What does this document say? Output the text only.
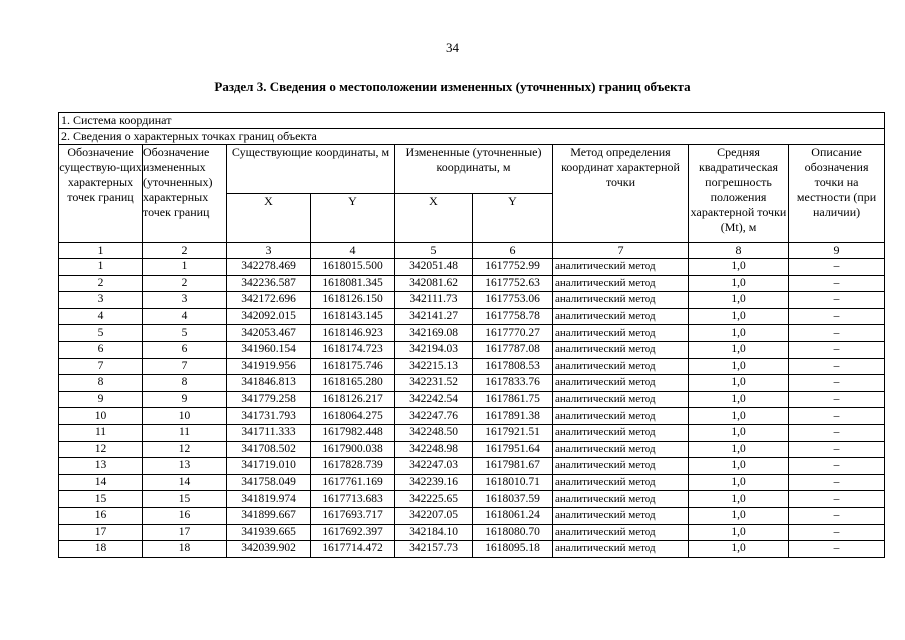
34
Раздел 3. Сведения о местоположении измененных (уточненных) границ объекта
1. Система координат								
2. Сведения о характерных точках границ объекта								
Обозначение существую-щих характерных точек границ	Обозначение измененных (уточненных) характерных точек границ	Существующие координаты, м		Измененные (уточненные) координаты, м		Метод определения координат характерной точки	Средняя квадратическая погрешность положения характерной точки (Mt), м	Описание обозначения точки на местности (при наличии)
		X	Y	X	Y			
1	2	3	4	5	6	7	8	9
1	1	342278.469	1618015.500	342051.48	1617752.99	аналитический метод	1,0	–
2	2	342236.587	1618081.345	342081.62	1617752.63	аналитический метод	1,0	–
3	3	342172.696	1618126.150	342111.73	1617753.06	аналитический метод	1,0	–
4	4	342092.015	1618143.145	342141.27	1617758.78	аналитический метод	1,0	–
5	5	342053.467	1618146.923	342169.08	1617770.27	аналитический метод	1,0	–
6	6	341960.154	1618174.723	342194.03	1617787.08	аналитический метод	1,0	–
7	7	341919.956	1618175.746	342215.13	1617808.53	аналитический метод	1,0	–
8	8	341846.813	1618165.280	342231.52	1617833.76	аналитический метод	1,0	–
9	9	341779.258	1618126.217	342242.54	1617861.75	аналитический метод	1,0	–
10	10	341731.793	1618064.275	342247.76	1617891.38	аналитический метод	1,0	–
11	11	341711.333	1617982.448	342248.50	1617921.51	аналитический метод	1,0	–
12	12	341708.502	1617900.038	342248.98	1617951.64	аналитический метод	1,0	–
13	13	341719.010	1617828.739	342247.03	1617981.67	аналитический метод	1,0	–
14	14	341758.049	1617761.169	342239.16	1618010.71	аналитический метод	1,0	–
15	15	341819.974	1617713.683	342225.65	1618037.59	аналитический метод	1,0	–
16	16	341899.667	1617693.717	342207.05	1618061.24	аналитический метод	1,0	–
17	17	341939.665	1617692.397	342184.10	1618080.70	аналитический метод	1,0	–
18	18	342039.902	1617714.472	342157.73	1618095.18	аналитический метод	1,0	–
